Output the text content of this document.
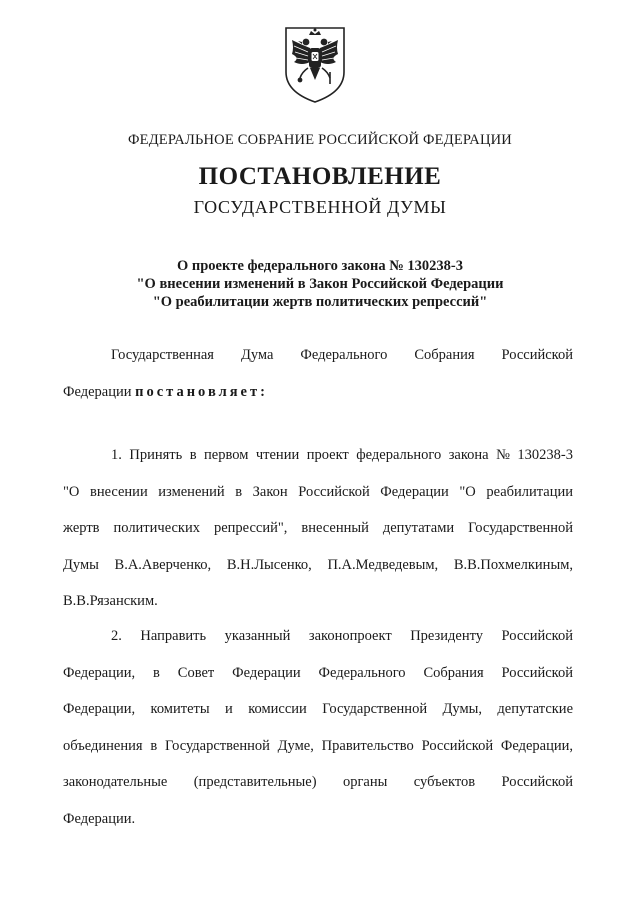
ФЕДЕРАЛЬНОЕ СОБРАНИЕ РОССИЙСКОЙ ФЕДЕРАЦИИ
ПОСТАНОВЛЕНИЕ
ГОСУДАРСТВЕННОЙ ДУМЫ
О проекте федерального закона № 130238-3
"О внесении изменений в Закон Российской Федерации
"О реабилитации жертв политических репрессий"
Государственная Дума Федерального Собрания Российской
Федерации постановляет:
1. Принять в первом чтении проект федерального закона № 130238-3
"О внесении изменений в Закон Российской Федерации "О реабилитации
жертв политических репрессий", внесенный депутатами Государственной
Думы В.А.Аверченко, В.Н.Лысенко, П.А.Медведевым, В.В.Похмелкиным,
В.В.Рязанским.
2. Направить указанный законопроект Президенту Российской
Федерации, в Совет Федерации Федерального Собрания Российской
Федерации, комитеты и комиссии Государственной Думы, депутатские
объединения в Государственной Думе, Правительство Российской Федерации,
законодательные (представительные) органы субъектов Российской
Федерации.
